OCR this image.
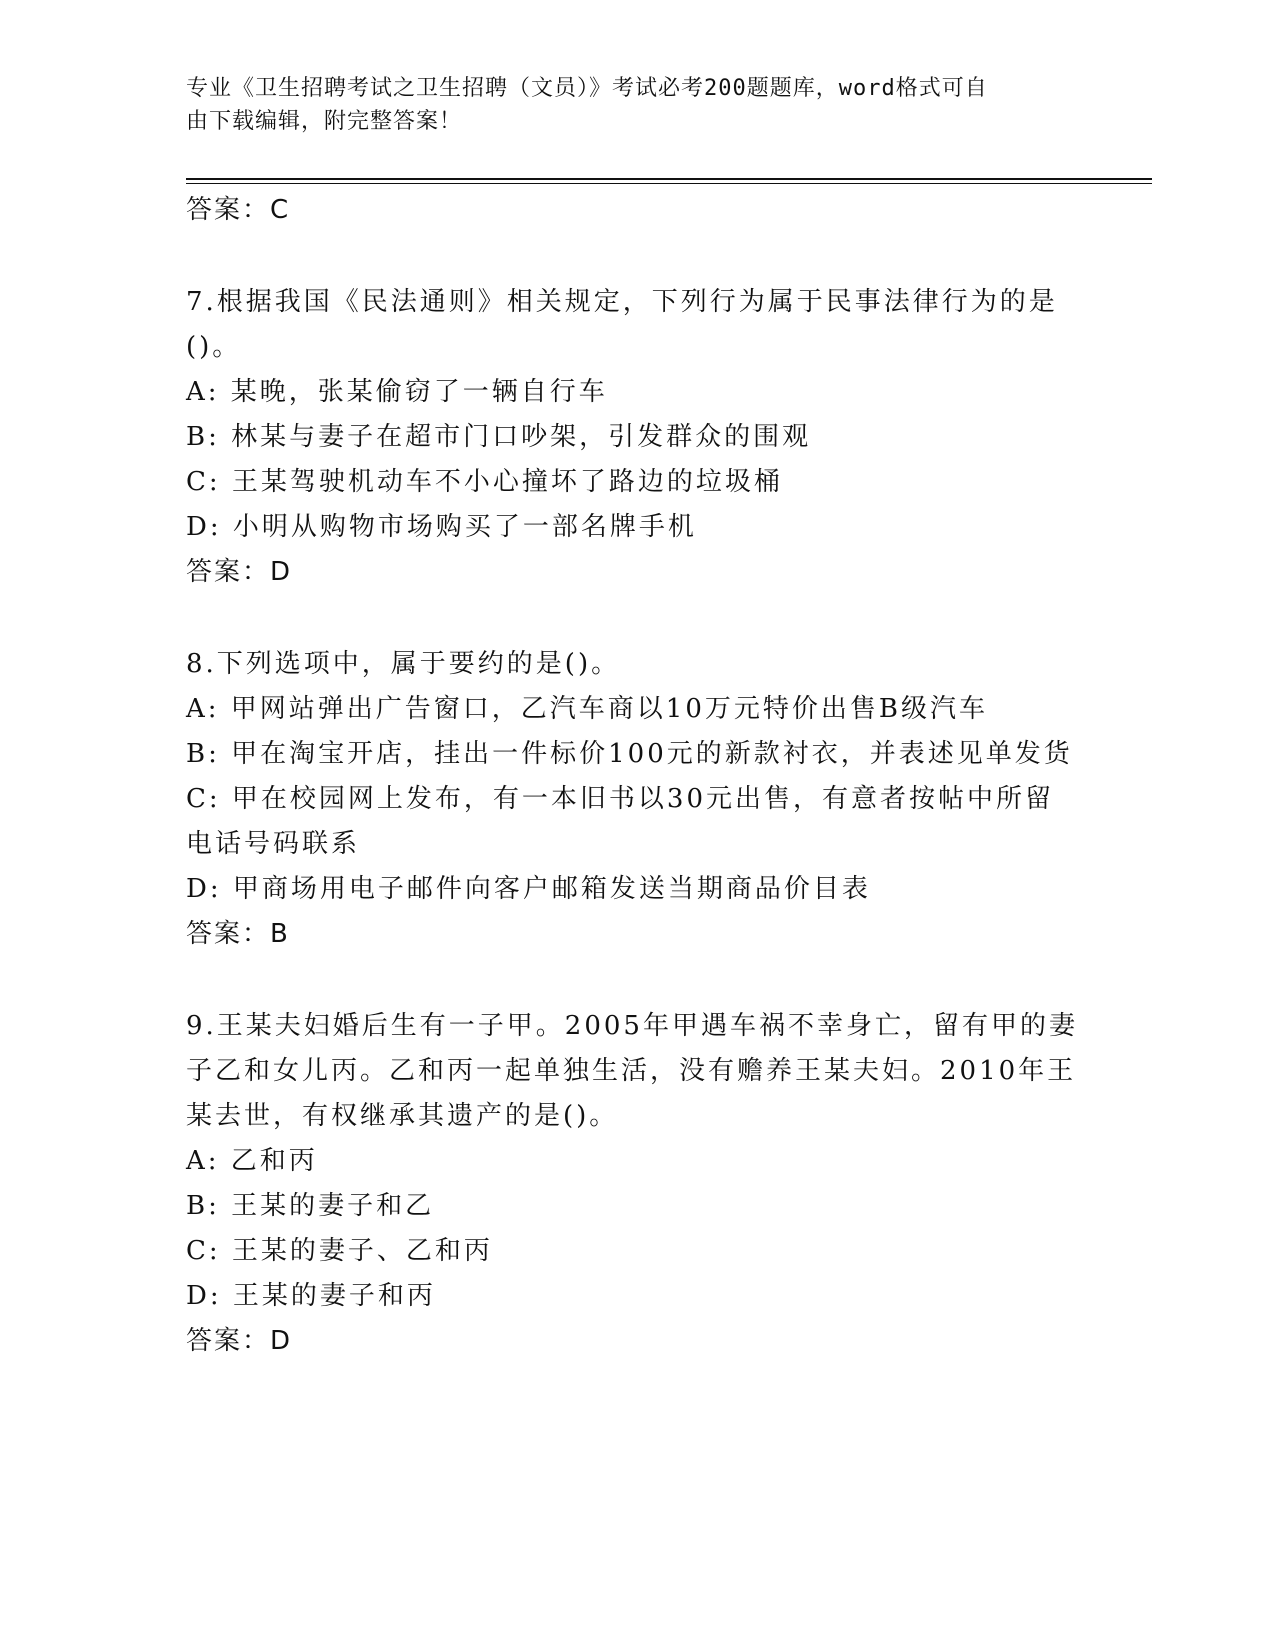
专业《卫生招聘考试之卫生招聘（文员）》考试必考200题题库，word格式可自
由下载编辑，附完整答案！

答案：C

7.根据我国《民法通则》相关规定，下列行为属于民事法律行为的是

()。

A: 某晚，张某偷窃了一辆自行车

B: 林某与妻子在超市门口吵架，引发群众的围观

C: 王某驾驶机动车不小心撞坏了路边的垃圾桶

D: 小明从购物市场购买了一部名牌手机

答案：D

8.下列选项中，属于要约的是()。

A: 甲网站弹出广告窗口，乙汽车商以10万元特价出售B级汽车

B: 甲在淘宝开店，挂出一件标价100元的新款衬衣，并表述见单发货

C: 甲在校园网上发布，有一本旧书以30元出售，有意者按帖中所留

电话号码联系

D: 甲商场用电子邮件向客户邮箱发送当期商品价目表

答案：B

9.王某夫妇婚后生有一子甲。2005年甲遇车祸不幸身亡，留有甲的妻

子乙和女儿丙。乙和丙一起单独生活，没有赡养王某夫妇。2010年王

某去世，有权继承其遗产的是()。

A: 乙和丙

B: 王某的妻子和乙

C: 王某的妻子、乙和丙

D: 王某的妻子和丙

答案：D
